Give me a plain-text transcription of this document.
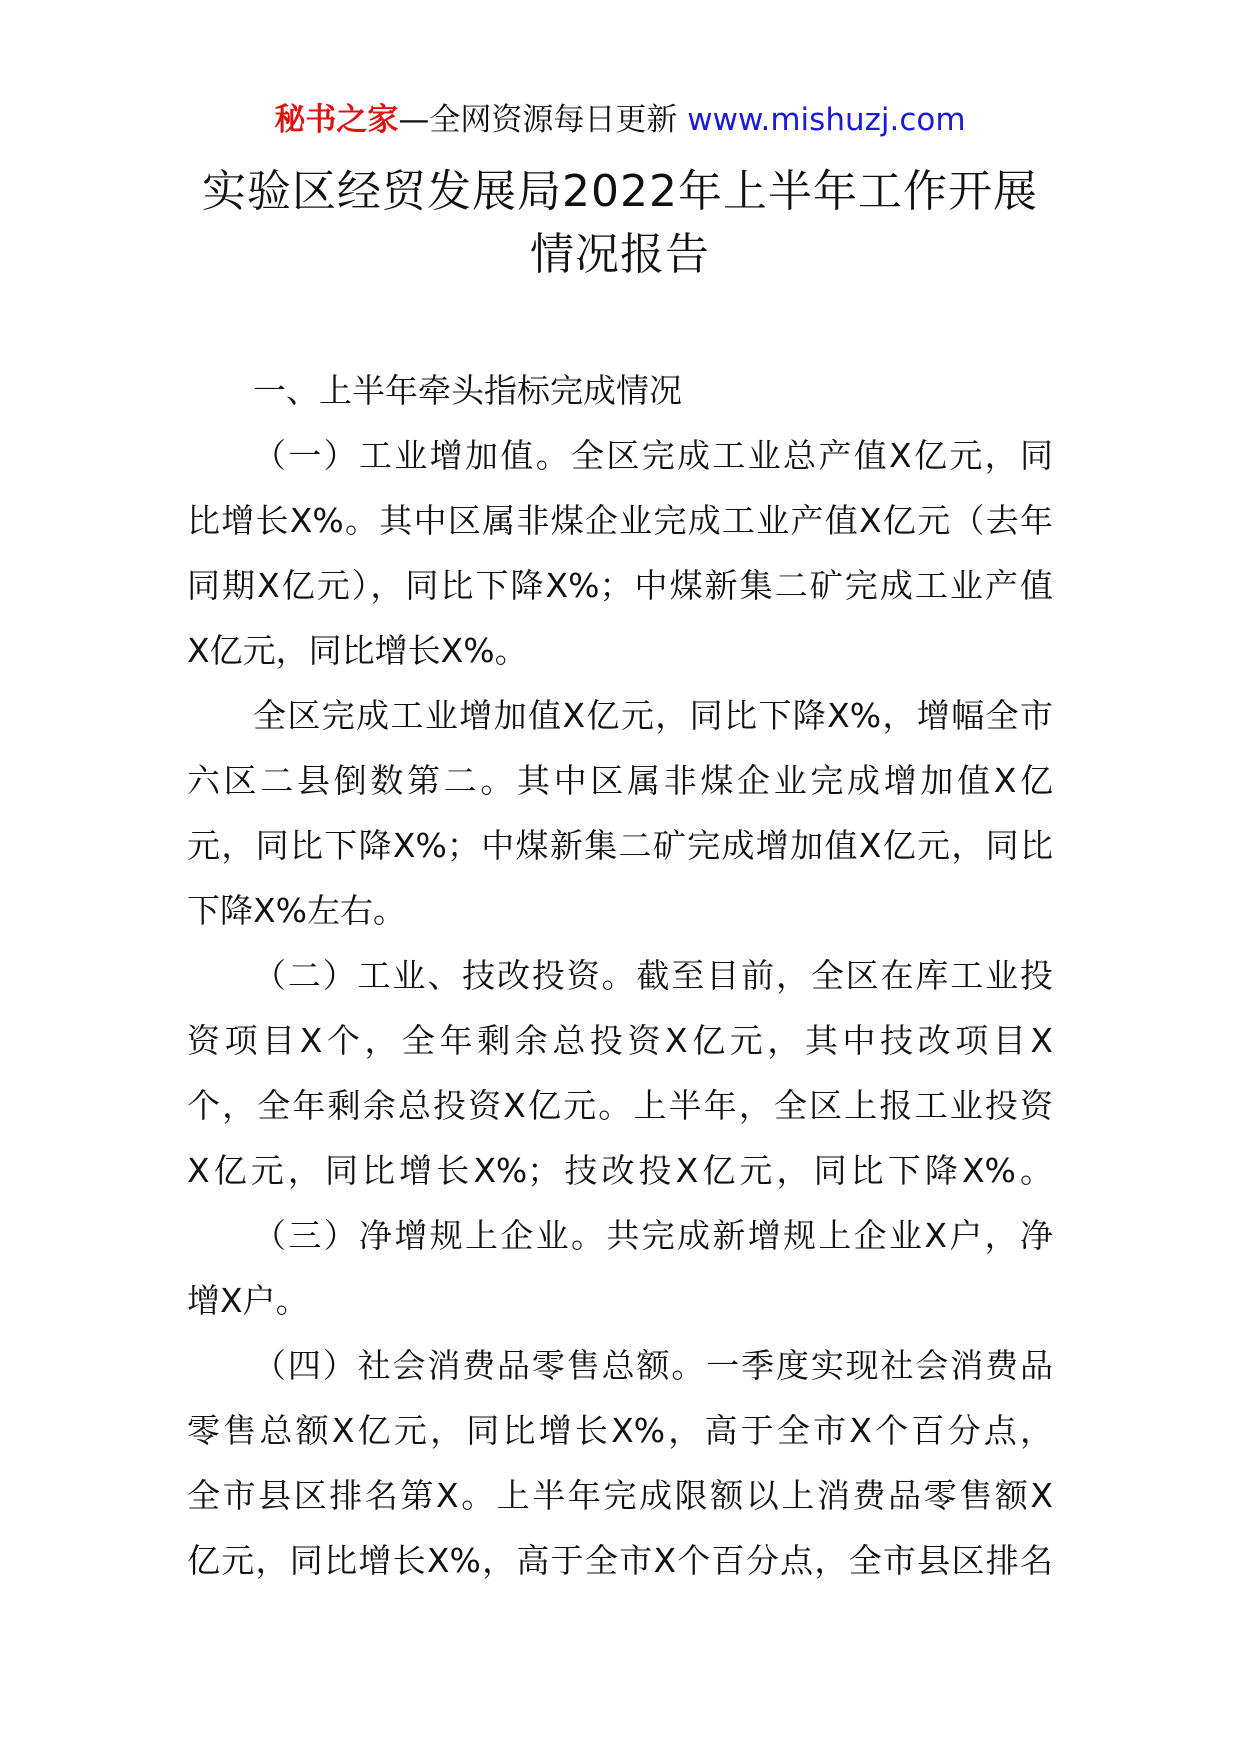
秘书之家—全网资源每日更新 www.mishuzj.com
实验区经贸发展局2022年上半年工作开展
情况报告
一、上半年牵头指标完成情况
（一）工业增加值。全区完成工业总产值X亿元，同
比增长X%。其中区属非煤企业完成工业产值X亿元（去年
同期X亿元），同比下降X%；中煤新集二矿完成工业产值
X亿元，同比增长X%。
全区完成工业增加值X亿元，同比下降X%，增幅全市
六区二县倒数第二。其中区属非煤企业完成增加值X亿
元，同比下降X%；中煤新集二矿完成增加值X亿元，同比
下降X%左右。
（二）工业、技改投资。截至目前，全区在库工业投
资项目X个，全年剩余总投资X亿元，其中技改项目X
个，全年剩余总投资X亿元。上半年，全区上报工业投资
X亿元，同比增长X%；技改投X亿元，同比下降X%。
（三）净增规上企业。共完成新增规上企业X户，净
增X户。
（四）社会消费品零售总额。一季度实现社会消费品
零售总额X亿元，同比增长X%，高于全市X个百分点，
全市县区排名第X。上半年完成限额以上消费品零售额X
亿元，同比增长X%，高于全市X个百分点，全市县区排名
